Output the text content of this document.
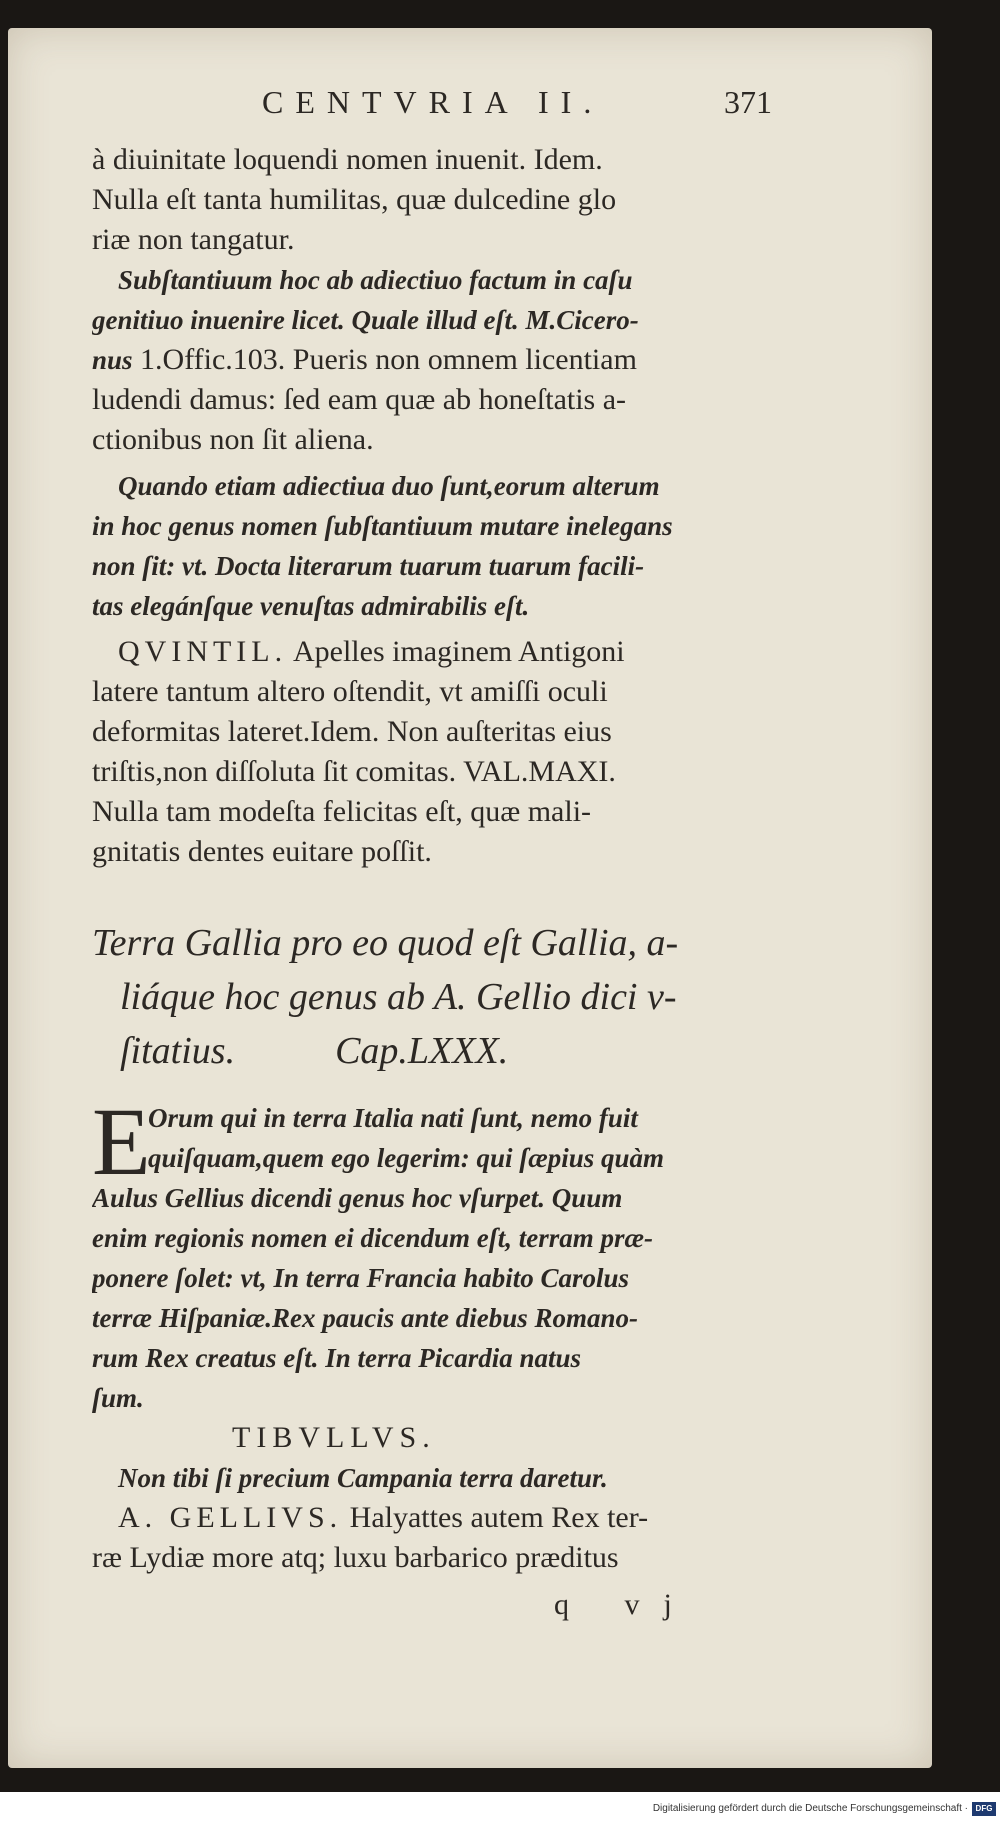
CENTVRIA II.	371
à diuinitate loquendi nomen inuenit. Idem.
Nulla eſt tanta humilitas, quæ dulcedine glo
riæ non tangatur.
Subſtantiuum hoc ab adiectiuo factum in caſu
genitiuo inuenire licet. Quale illud eſt. M.Cicero-
nus 1.Offic.103. Pueris non omnem licentiam
ludendi damus: ſed eam quæ ab honeſtatis a-
ctionibus non ſit aliena.
Quando etiam adiectiua duo ſunt,eorum alterum
in hoc genus nomen ſubſtantiuum mutare inelegans
non ſit: vt. Docta literarum tuarum tuarum facili-
tas elegánſque venuſtas admirabilis eſt.
QVINTIL. Apelles imaginem Antigoni
latere tantum altero oſtendit, vt amiſſi oculi
deformitas lateret.Idem. Non auſteritas eius
triſtis,non diſſoluta ſit comitas. VAL.MAXI.
Nulla tam modeſta felicitas eſt, quæ mali-
gnitatis dentes euitare poſſit.
Terra Gallia pro eo quod eſt Gallia, a-
liáque hoc genus ab A. Gellio dici v-
ſitatius.	Cap.LXXX.
E
Orum qui in terra Italia nati ſunt, nemo fuit
quiſquam,quem ego legerim: qui ſæpius quàm
Aulus Gellius dicendi genus hoc vſurpet. Quum
enim regionis nomen ei dicendum eſt, terram præ-
ponere ſolet: vt, In terra Francia habito Carolus
terræ Hiſpaniæ.Rex paucis ante diebus Romano-
rum Rex creatus eſt. In terra Picardia natus
ſum.
TIBVLLVS.
Non tibi ſi precium Campania terra daretur.
A. GELLIVS. Halyattes autem Rex ter-
ræ Lydiæ more atq; luxu barbarico præditus
q vj
Digitalisierung gefördert durch die Deutsche Forschungsgemeinschaft · DFG
